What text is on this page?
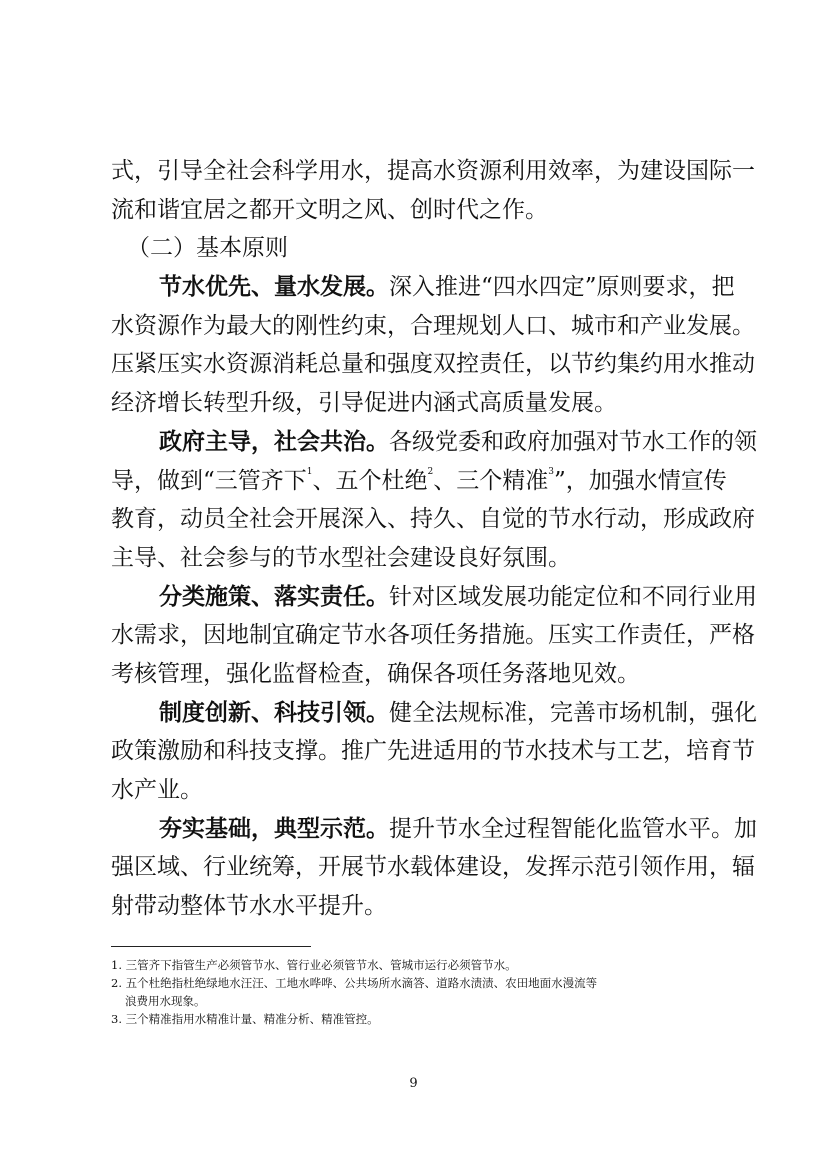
式，引导全社会科学用水，提高水资源利用效率，为建设国际一
流和谐宜居之都开文明之风、创时代之作。
（二）基本原则
节水优先、量水发展。深入推进“四水四定”原则要求，把
水资源作为最大的刚性约束，合理规划人口、城市和产业发展。
压紧压实水资源消耗总量和强度双控责任，以节约集约用水推动
经济增长转型升级，引导促进内涵式高质量发展。
政府主导，社会共治。各级党委和政府加强对节水工作的领
导，做到“三管齐下$^1$、五个杜绝$^2$、三个精准$^3$”，加强水情宣传
教育，动员全社会开展深入、持久、自觉的节水行动，形成政府
主导、社会参与的节水型社会建设良好氛围。
分类施策、落实责任。针对区域发展功能定位和不同行业用
水需求，因地制宜确定节水各项任务措施。压实工作责任，严格
考核管理，强化监督检查，确保各项任务落地见效。
制度创新、科技引领。健全法规标准，完善市场机制，强化
政策激励和科技支撑。推广先进适用的节水技术与工艺，培育节
水产业。
夯实基础，典型示范。提升节水全过程智能化监管水平。加
强区域、行业统筹，开展节水载体建设，发挥示范引领作用，辐
射带动整体节水水平提升。
1. 三管齐下指管生产必须管节水、管行业必须管节水、管城市运行必须管节水。
2. 五个杜绝指杜绝绿地水汪汪、工地水哗哗、公共场所水滴答、道路水渍渍、农田地面水漫流等
浪费用水现象。
3. 三个精准指用水精准计量、精准分析、精准管控。
9
